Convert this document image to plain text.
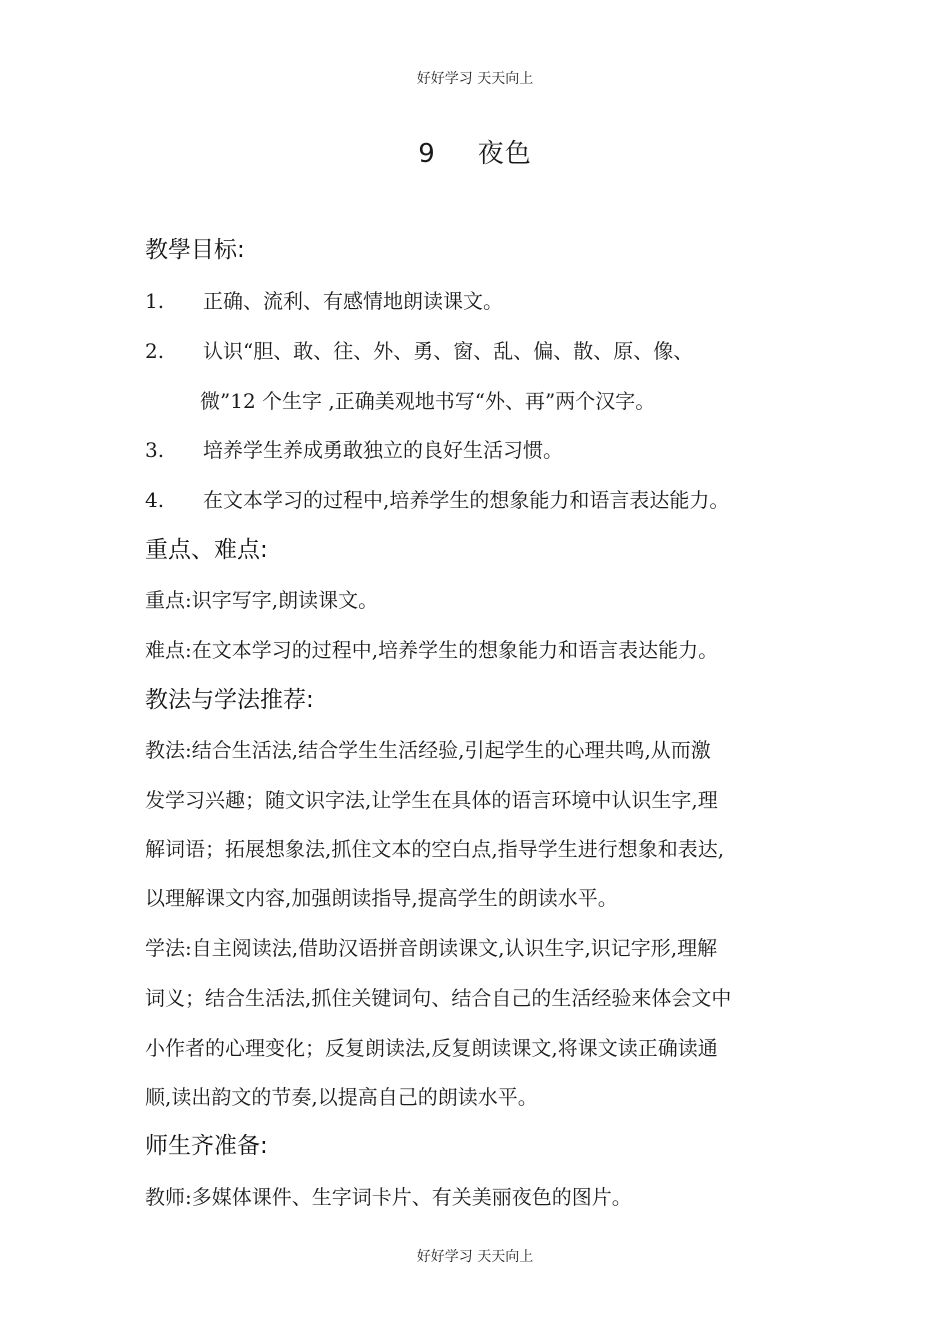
好好学习 天天向上
9 夜色
教學目标:
1. 正确、流利、有感情地朗读课文。
2. 认识“胆、敢、往、外、勇、窗、乱、偏、散、原、像、
微”12 个生字 ,正确美观地书写“外、再”两个汉字。
3. 培养学生养成勇敢独立的良好生活习惯。
4. 在文本学习的过程中,培养学生的想象能力和语言表达能力。
重点、难点:
重点:识字写字,朗读课文。
难点:在文本学习的过程中,培养学生的想象能力和语言表达能力。
教法与学法推荐:
教法:结合生活法,结合学生生活经验,引起学生的心理共鸣,从而激
发学习兴趣；随文识字法,让学生在具体的语言环境中认识生字,理
解词语；拓展想象法,抓住文本的空白点,指导学生进行想象和表达,
以理解课文内容,加强朗读指导,提高学生的朗读水平。
学法:自主阅读法,借助汉语拼音朗读课文,认识生字,识记字形,理解
词义；结合生活法,抓住关键词句、结合自己的生活经验来体会文中
小作者的心理变化；反复朗读法,反复朗读课文,将课文读正确读通
顺,读出韵文的节奏,以提高自己的朗读水平。
师生齐准备:
教师:多媒体课件、生字词卡片、有关美丽夜色的图片。
好好学习 天天向上
